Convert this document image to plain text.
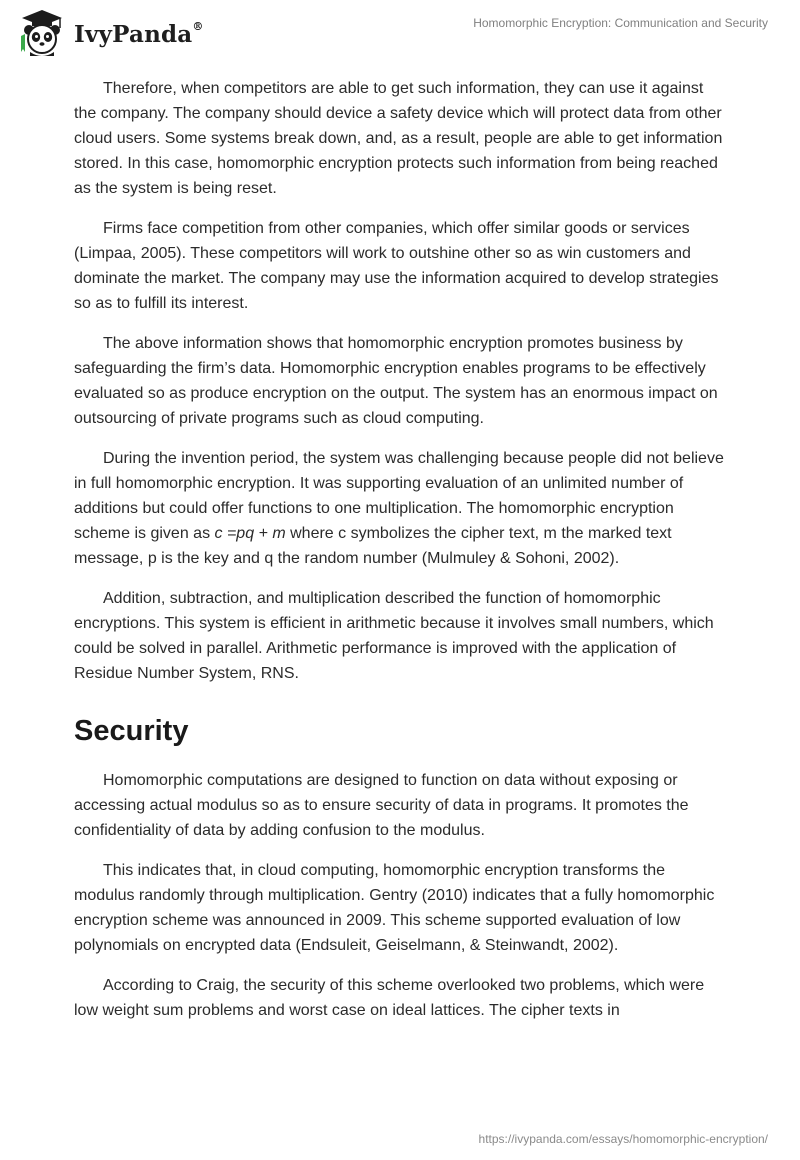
IvyPanda®	Homomorphic Encryption: Communication and Security

Therefore, when competitors are able to get such information, they can use it against the company. The company should device a safety device which will protect data from other cloud users. Some systems break down, and, as a result, people are able to get information stored. In this case, homomorphic encryption protects such information from being reached as the system is being reset.

Firms face competition from other companies, which offer similar goods or services (Limpaa, 2005). These competitors will work to outshine other so as win customers and dominate the market. The company may use the information acquired to develop strategies so as to fulfill its interest.

The above information shows that homomorphic encryption promotes business by safeguarding the firm’s data. Homomorphic encryption enables programs to be effectively evaluated so as produce encryption on the output. The system has an enormous impact on outsourcing of private programs such as cloud computing.

During the invention period, the system was challenging because people did not believe in full homomorphic encryption. It was supporting evaluation of an unlimited number of additions but could offer functions to one multiplication. The homomorphic encryption scheme is given as c =pq + m where c symbolizes the cipher text, m the marked text message, p is the key and q the random number (Mulmuley & Sohoni, 2002).

Addition, subtraction, and multiplication described the function of homomorphic encryptions. This system is efficient in arithmetic because it involves small numbers, which could be solved in parallel. Arithmetic performance is improved with the application of Residue Number System, RNS.

Security

Homomorphic computations are designed to function on data without exposing or accessing actual modulus so as to ensure security of data in programs. It promotes the confidentiality of data by adding confusion to the modulus.

This indicates that, in cloud computing, homomorphic encryption transforms the modulus randomly through multiplication. Gentry (2010) indicates that a fully homomorphic encryption scheme was announced in 2009. This scheme supported evaluation of low polynomials on encrypted data (Endsuleit, Geiselmann, & Steinwandt, 2002).

According to Craig, the security of this scheme overlooked two problems, which were low weight sum problems and worst case on ideal lattices. The cipher texts in

https://ivypanda.com/essays/homomorphic-encryption/
